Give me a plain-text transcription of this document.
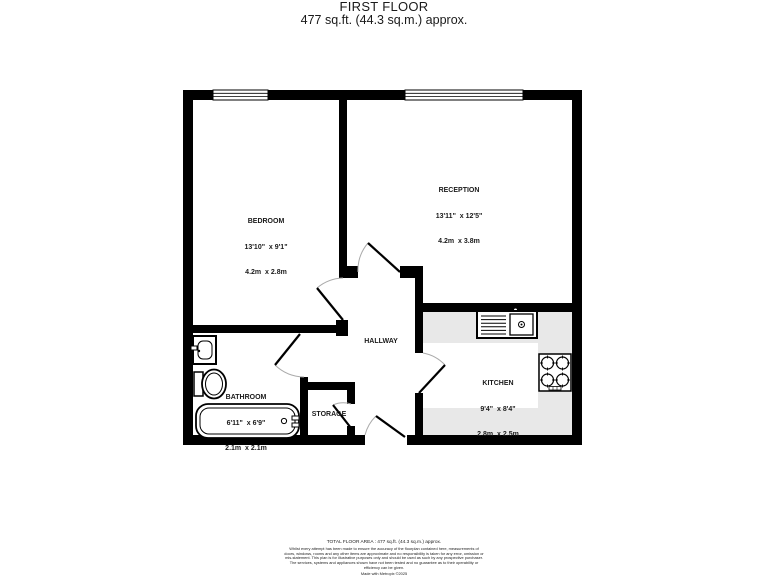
FIRST FLOOR
477 sq.ft. (44.3 sq.m.) approx.

BEDROOM

13'10"  x 9'1"

4.2m  x 2.8m

RECEPTION

13'11"  x 12'5"

4.2m  x 3.8m

KITCHEN

9'4"  x 8'4"

2.8m  x 2.5m

BATHROOM

6'11"  x 6'9"

2.1m  x 2.1m

HALLWAY
STORAGE
TOTAL FLOOR AREA : 477 sq.ft. (44.3 sq.m.) approx.
Whilst every attempt has been made to ensure the accuracy of the floorplan contained here, measurements of doors, windows, rooms and any other items are approximate and no responsibility is taken for any error, omission or mis-statement. This plan is for illustrative purposes only and should be used as such by any prospective purchaser. The services, systems and appliances shown have not been tested and no guarantee as to their operability or efficiency can be given.
Made with Metropix ©2025
